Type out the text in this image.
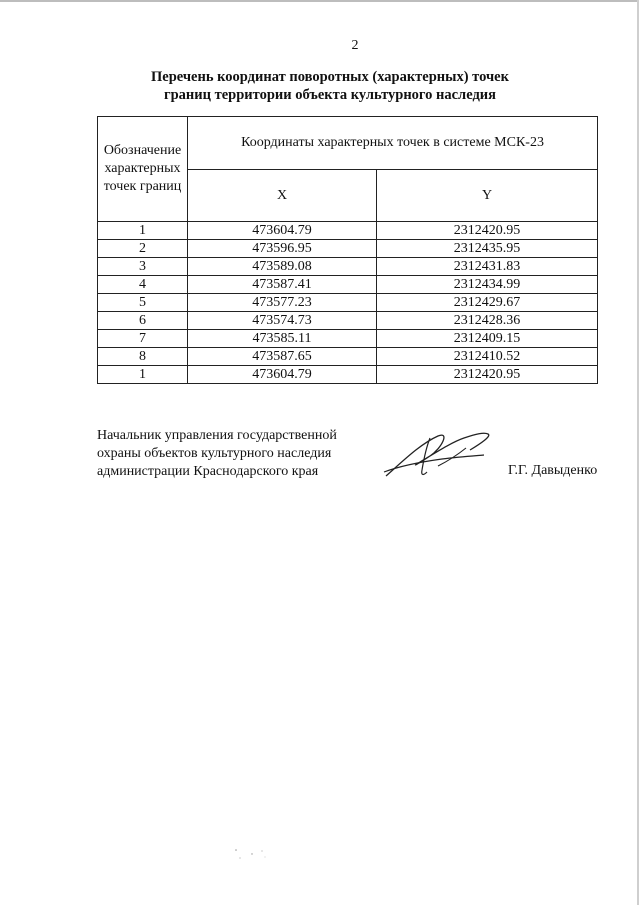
2
Перечень координат поворотных (характерных) точек
границ территории объекта культурного наследия
Обозначение
характерных
точек границ	Координаты характерных точек в системе МСК-23	
	X	Y
1	473604.79	2312420.95
2	473596.95	2312435.95
3	473589.08	2312431.83
4	473587.41	2312434.99
5	473577.23	2312429.67
6	473574.73	2312428.36
7	473585.11	2312409.15
8	473587.65	2312410.52
1	473604.79	2312420.95
Начальник управления государственной
охраны объектов культурного наследия
администрации Краснодарского края	Г.Г. Давыденко
